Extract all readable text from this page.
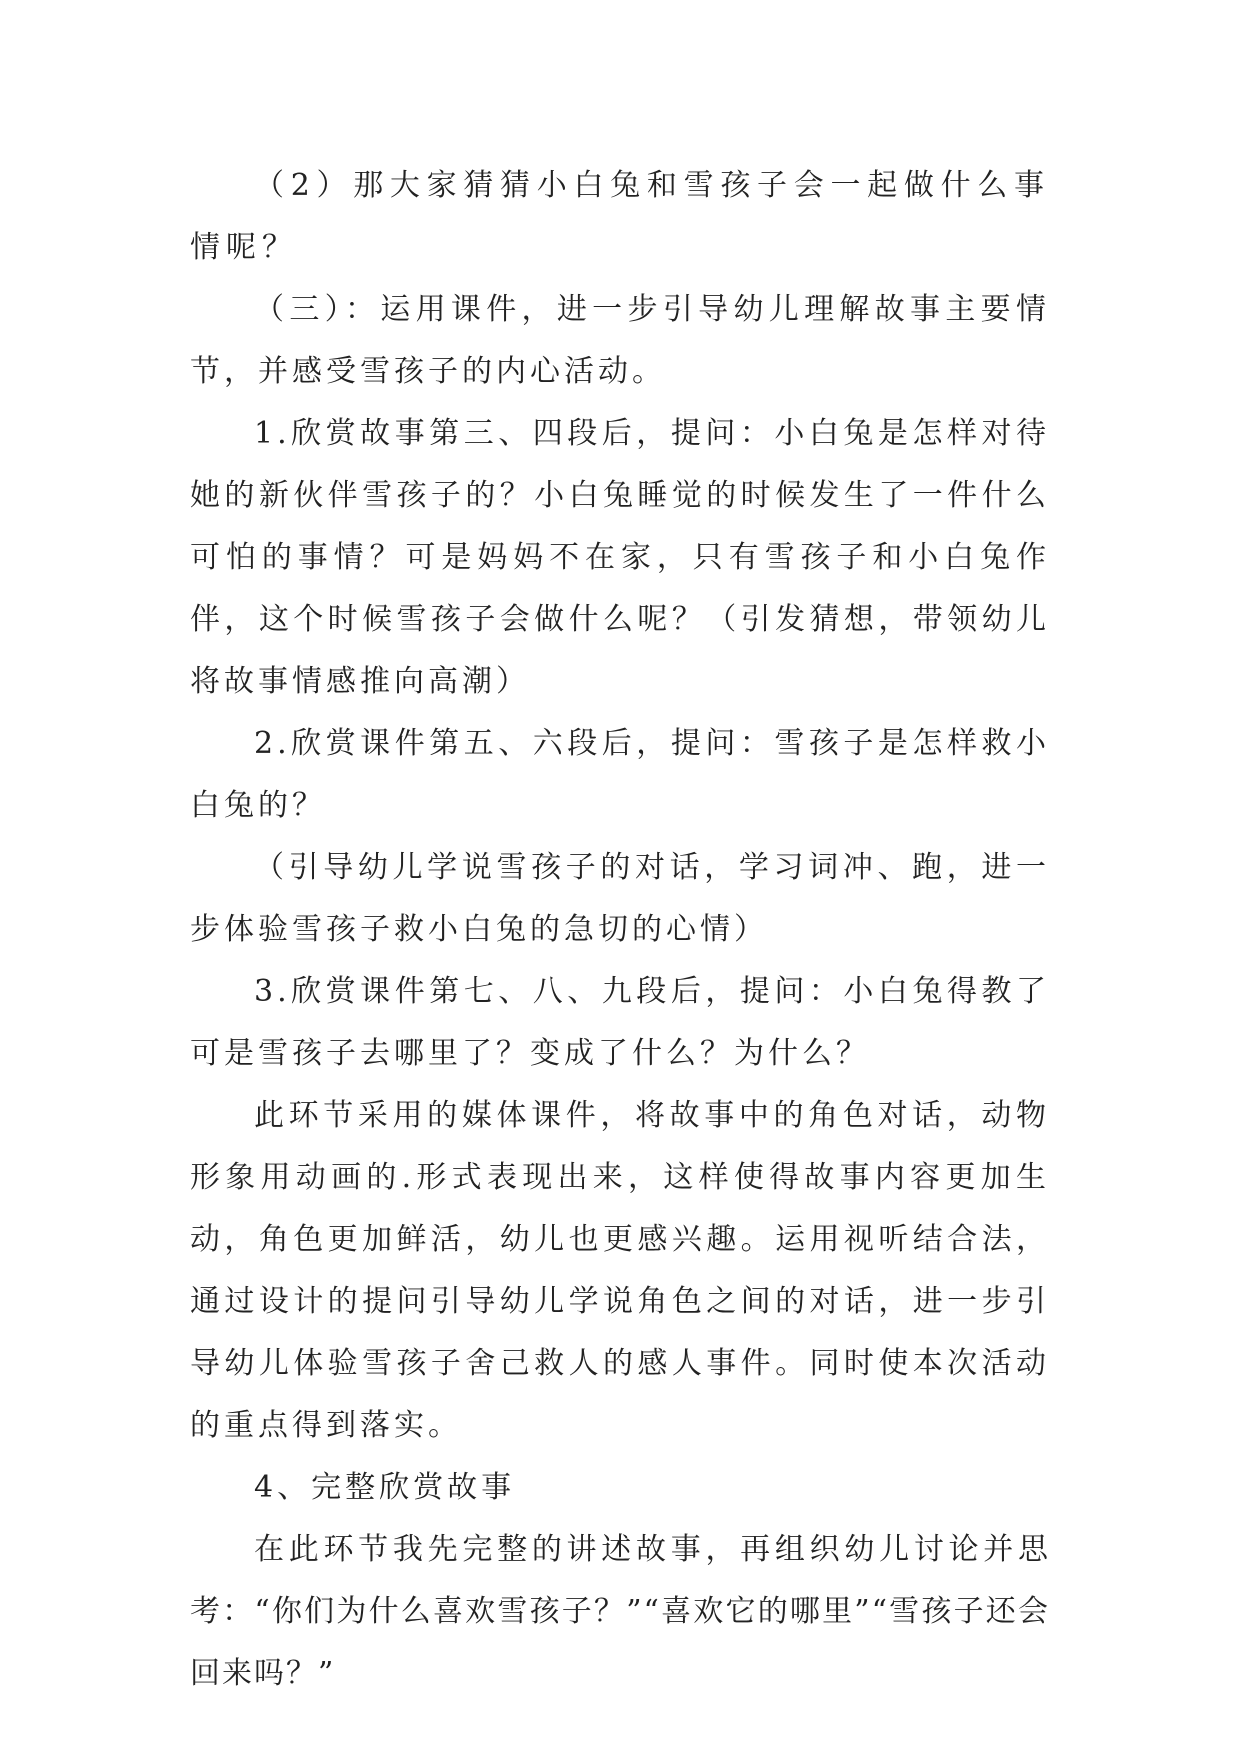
（2）那大家猜猜小白兔和雪孩子会一起做什么事情呢？

（三）：运用课件，进一步引导幼儿理解故事主要情节，并感受雪孩子的内心活动。

1.欣赏故事第三、四段后，提问：小白兔是怎样对待她的新伙伴雪孩子的？小白兔睡觉的时候发生了一件什么可怕的事情？可是妈妈不在家，只有雪孩子和小白兔作伴，这个时候雪孩子会做什么呢？（引发猜想，带领幼儿将故事情感推向高潮）

2.欣赏课件第五、六段后，提问：雪孩子是怎样救小白兔的？

（引导幼儿学说雪孩子的对话，学习词冲、跑，进一步体验雪孩子救小白兔的急切的心情）

3.欣赏课件第七、八、九段后，提问：小白兔得教了可是雪孩子去哪里了？变成了什么？为什么？

此环节采用的媒体课件，将故事中的角色对话，动物形象用动画的.形式表现出来，这样使得故事内容更加生动，角色更加鲜活，幼儿也更感兴趣。运用视听结合法，通过设计的提问引导幼儿学说角色之间的对话，进一步引导幼儿体验雪孩子舍己救人的感人事件。同时使本次活动的重点得到落实。

4、完整欣赏故事

在此环节我先完整的讲述故事，再组织幼儿讨论并思考：“你们为什么喜欢雪孩子？”“喜欢它的哪里”“雪孩子还会回来吗？”
